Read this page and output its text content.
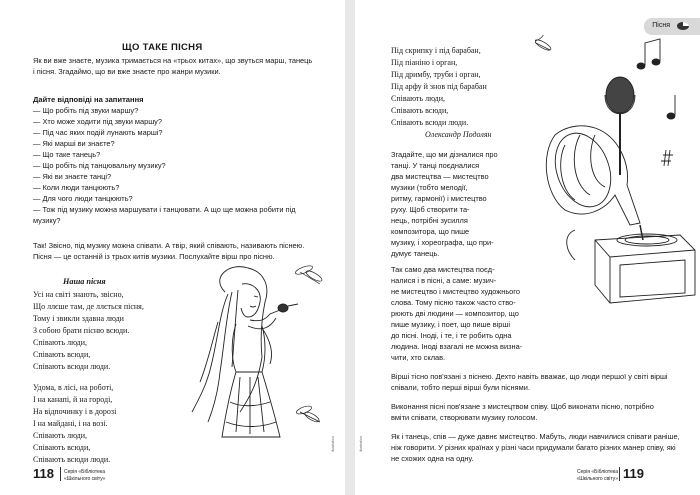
ЩО ТАКЕ ПІСНЯ
Як ви вже знаєте, музика тримається на «трьох китах», що звуться марш, танець
і пісня. Згадаймо, що ви вже знаєте про жанри музики.
Дайте відповіді на запитання
— Що робіть під звуки маршу?
— Хто може ходити під звуки маршу?
— Під час яких подій лунають марші?
— Які марші ви знаєте?
— Що таке танець?
— Що робіть під танцювальну музику?
— Які ви знаєте танці?
— Коли люди танцюють?
— Для чого люди танцюють?
— Тож під музику можна маршувати і танцювати. А що ще можна робити під
музику?
Так! Звісно, під музику можна співати. А твір, який співають, називають піснею.
Пісня — це останній із трьох китів музики. Послухайте вірш про пісню.
Наша пісня
Усі на світі знають, звісно,
Що ллєше там, де ллється пісня,
Тому і звикли здавна люди
З собою брати пісню всюди.
Співають люди,
Співають всюди,
Співають всюди люди.
Удома, в лісі, на роботі,
І на канапі, й на городі,
На відпочинку і в дорозі
І на майдані, і на возі.
Співають люди,
Співають всюди,
Співають всюди люди.
illustration
118 Серія «Бібліотека
«Шкільного світу»
Пісня
Під скрипку і під барабан,
Під піаніно і орган,
Під дримбу, труби і орган,
Під арфу й знов під барабан
Співають люди,
Співають всюди,
Співають всюди люди.
Олександр Подолян
Згадайте, що ми дізналися про
танці. У танці поєдналися
два мистецтва — мистецтво
музики (тобто мелодії,
ритму, гармонії) і мистецтво
руху. Щоб створити та-
нець, потрібні зусилля
композитора, що пише
музику, і хореографа, що при-
думує танець.
Так само два мистецтва поєд-
налися і в пісні, а саме: музич-
не мистецтво і мистецтво художнього
слова. Тому пісню також часто ство-
рюють дві людини — композитор, що
пише музику, і поет, що пише вірші
до пісні. Іноді, і те, і те робить одна
людина. Іноді взагалі не можна визна-
чити, хто склав.
Вірші тісно пов'язані з піснею. Дехто навіть вважає, що люди першої у світі вірші
співали, тобто перші вірші були піснями.
Виконання пісні пов'язане з мистецтвом співу. Щоб виконати пісню, потрібно
вміти співати, створювати музику голосом.
Як і танець, спів — дуже давнє мистецтво. Мабуть, люди навчилися співати раніше,
ніж говорити. У різних країнах у різні часи придумали багато різних манер співу, які
не схожих одна на одну.
illustration
Серія «Бібліотека
«Шкільного світу» 119
